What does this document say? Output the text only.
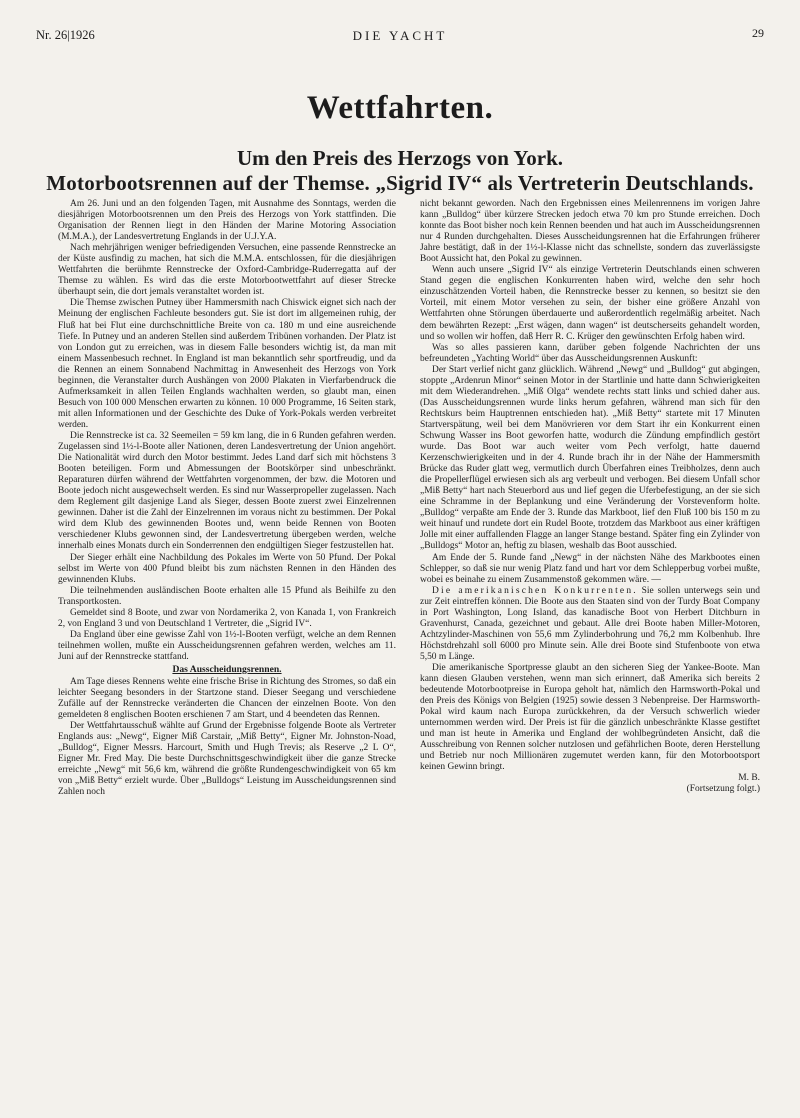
Nr. 26|1926	DIE YACHT	29
Wettfahrten.
Um den Preis des Herzogs von York.
Motorbootsrennen auf der Themse. „Sigrid IV“ als Vertreterin Deutschlands.

Am 26. Juni und an den folgenden Tagen, mit Ausnahme des Sonntags, werden die diesjährigen Motorbootsrennen um den Preis des Herzogs von York stattfinden. Die Organisation der Rennen liegt in den Händen der Marine Motoring Association (M.M.A.), der Landesvertretung Englands in der U.J.Y.A.

Nach mehrjährigen weniger befriedigenden Versuchen, eine passende Rennstrecke an der Küste ausfindig zu machen, hat sich die M.M.A. entschlossen, für die diesjährigen Wettfahrten die berühmte Rennstrecke der Oxford-Cambridge-Ruderregatta auf der Themse zu wählen. Es wird das die erste Motorbootwettfahrt auf dieser Strecke überhaupt sein, die dort jemals veranstaltet worden ist.

Die Themse zwischen Putney über Hammersmith nach Chiswick eignet sich nach der Meinung der englischen Fachleute besonders gut. Sie ist dort im allgemeinen ruhig, der Fluß hat bei Flut eine durchschnittliche Breite von ca. 180 m und eine ausreichende Tiefe. In Putney und an anderen Stellen sind außerdem Tribünen vorhanden. Der Platz ist von London gut zu erreichen, was in diesem Falle besonders wichtig ist, da man mit einem Massenbesuch rechnet. In England ist man bekanntlich sehr sportfreudig, und da die Rennen an einem Sonnabend Nachmittag in Anwesenheit des Herzogs von York beginnen, die Veranstalter durch Aushängen von 2000 Plakaten in Vierfarbendruck die Aufmerksamkeit in allen Teilen Englands wachhalten werden, so glaubt man, einen Besuch von 100 000 Menschen erwarten zu können. 10 000 Programme, 16 Seiten stark, mit allen Informationen und der Geschichte des Duke of York-Pokals werden verbreitet werden.

Die Rennstrecke ist ca. 32 Seemeilen = 59 km lang, die in 6 Runden gefahren werden. Zugelassen sind 1½-l-Boote aller Nationen, deren Landesvertretung der Union angehört. Die Nationalität wird durch den Motor bestimmt. Jedes Land darf sich mit höchstens 3 Booten beteiligen. Form und Abmessungen der Bootskörper sind unbeschränkt. Reparaturen dürfen während der Wettfahrten vorgenommen, der bzw. die Motoren und Boote jedoch nicht ausgewechselt werden. Es sind nur Wasserpropeller zugelassen. Nach dem Reglement gilt dasjenige Land als Sieger, dessen Boote zuerst zwei Einzelrennen gewinnen. Daher ist die Zahl der Einzelrennen im voraus nicht zu bestimmen. Der Pokal wird dem Klub des gewinnenden Bootes und, wenn beide Rennen von Booten verschiedener Klubs gewonnen sind, der Landesvertretung übergeben werden, welche innerhalb eines Monats durch ein Sonderrennen den endgültigen Sieger festzustellen hat.

Der Sieger erhält eine Nachbildung des Pokales im Werte von 50 Pfund. Der Pokal selbst im Werte von 400 Pfund bleibt bis zum nächsten Rennen in den Händen des gewinnenden Klubs.

Die teilnehmenden ausländischen Boote erhalten alle 15 Pfund als Beihilfe zu den Transportkosten.

Gemeldet sind 8 Boote, und zwar von Nordamerika 2, von Kanada 1, von Frankreich 2, von England 3 und von Deutschland 1 Vertreter, die „Sigrid IV“.

Da England über eine gewisse Zahl von 1½-l-Booten verfügt, welche an dem Rennen teilnehmen wollen, mußte ein Ausscheidungsrennen gefahren werden, welches am 11. Juni auf der Rennstrecke stattfand.

Das Ausscheidungsrennen.

Am Tage dieses Rennens wehte eine frische Brise in Richtung des Stromes, so daß ein leichter Seegang besonders in der Startzone stand. Dieser Seegang und verschiedene Zufälle auf der Rennstrecke veränderten die Chancen der einzelnen Boote. Von den gemeldeten 8 englischen Booten erschienen 7 am Start, und 4 beendeten das Rennen.

Der Wettfahrtausschuß wählte auf Grund der Ergebnisse folgende Boote als Vertreter Englands aus: „Newg“, Eigner Miß Carstair, „Miß Betty“, Eigner Mr. Johnston-Noad, „Bulldog“, Eigner Messrs. Harcourt, Smith und Hugh Trevis; als Reserve „2 L O“, Eigner Mr. Fred May. Die beste Durchschnittsgeschwindigkeit über die ganze Strecke erreichte „Newg“ mit 56,6 km, während die größte Rundengeschwindigkeit von 65 km von „Miß Betty“ erzielt wurde. Über „Bulldogs“ Leistung im Ausscheidungsrennen sind Zahlen noch

nicht bekannt geworden. Nach den Ergebnissen eines Meilenrennens im vorigen Jahre kann „Bulldog“ über kürzere Strecken jedoch etwa 70 km pro Stunde erreichen. Doch konnte das Boot bisher noch kein Rennen beenden und hat auch im Ausscheidungsrennen nur 4 Runden durchgehalten. Dieses Ausscheidungsrennen hat die Erfahrungen früherer Jahre bestätigt, daß in der 1½-l-Klasse nicht das schnellste, sondern das zuverlässigste Boot Aussicht hat, den Pokal zu gewinnen.

Wenn auch unsere „Sigrid IV“ als einzige Vertreterin Deutschlands einen schweren Stand gegen die englischen Konkurrenten haben wird, welche den sehr hoch einzuschätzenden Vorteil haben, die Rennstrecke besser zu kennen, so besitzt sie den Vorteil, mit einem Motor versehen zu sein, der bisher eine größere Anzahl von Wettfahrten ohne Störungen überdauerte und außerordentlich regelmäßig arbeitet. Nach dem bewährten Rezept: „Erst wägen, dann wagen“ ist deutscherseits gehandelt worden, und so wollen wir hoffen, daß Herr R. C. Krüger den gewünschten Erfolg haben wird.

Was so alles passieren kann, darüber geben folgende Nachrichten der uns befreundeten „Yachting World“ über das Ausscheidungsrennen Auskunft:

Der Start verlief nicht ganz glücklich. Während „Newg“ und „Bulldog“ gut abgingen, stoppte „Ardenrun Minor“ seinen Motor in der Startlinie und hatte dann Schwierigkeiten mit dem Wiederandrehen. „Miß Olga“ wendete rechts statt links und schied daher aus. (Das Ausscheidungsrennen wurde links herum gefahren, während man sich für den Rechtskurs beim Hauptrennen entschieden hat). „Miß Betty“ startete mit 17 Minuten Startverspätung, weil bei dem Manövrieren vor dem Start ihr ein Konkurrent einen Schwung Wasser ins Boot geworfen hatte, wodurch die Zündung empfindlich gestört wurde. Das Boot war auch weiter vom Pech verfolgt, hatte dauernd Kerzenschwierigkeiten und in der 4. Runde brach ihr in der Nähe der Hammersmith Brücke das Ruder glatt weg, vermutlich durch Überfahren eines Treibholzes, denn auch die Propellerflügel erwiesen sich als arg verbeult und verbogen. Bei diesem Unfall schor „Miß Betty“ hart nach Steuerbord aus und lief gegen die Uferbefestigung, an der sie sich eine Schramme in der Beplankung und eine Veränderung der Vorstevenform holte. „Bulldog“ verpaßte am Ende der 3. Runde das Markboot, lief den Fluß 100 bis 150 m zu weit hinauf und rundete dort ein Rudel Boote, trotzdem das Markboot aus einer kräftigen Jolle mit einer auffallenden Flagge an langer Stange bestand. Später fing ein Zylinder von „Bulldogs“ Motor an, heftig zu blasen, weshalb das Boot ausschied.

Am Ende der 5. Runde fand „Newg“ in der nächsten Nähe des Markbootes einen Schlepper, so daß sie nur wenig Platz fand und hart vor dem Schlepperbug vorbei mußte, wobei es beinahe zu einem Zusammenstoß gekommen wäre. —

Die amerikanischen Konkurrenten. Sie sollen unterwegs sein und zur Zeit eintreffen können. Die Boote aus den Staaten sind von der Turdy Boat Company in Port Washington, Long Island, das kanadische Boot von Herbert Ditchburn in Gravenhurst, Canada, gezeichnet und gebaut. Alle drei Boote haben Miller-Motoren, Achtzylinder-Maschinen von 55,6 mm Zylinderbohrung und 76,2 mm Kolbenhub. Ihre Höchstdrehzahl soll 6000 pro Minute sein. Alle drei Boote sind Stufenboote von etwa 5,50 m Länge.

Die amerikanische Sportpresse glaubt an den sicheren Sieg der Yankee-Boote. Man kann diesen Glauben verstehen, wenn man sich erinnert, daß Amerika sich bereits 2 bedeutende Motorbootpreise in Europa geholt hat, nämlich den Harmsworth-Pokal und den Preis des Königs von Belgien (1925) sowie dessen 3 Nebenpreise. Der Harmsworth-Pokal wird kaum nach Europa zurückkehren, da der Versuch schwerlich wieder unternommen werden wird. Der Preis ist für die gänzlich unbeschränkte Klasse gestiftet und man ist heute in Amerika und England der wohlbegründeten Ansicht, daß die Ausschreibung von Rennen solcher nutzlosen und gefährlichen Boote, deren Herstellung und Betrieb nur noch Millionären zugemutet werden kann, für den Motorbootsport keinen Gewinn bringt.

M. B.

(Fortsetzung folgt.)
